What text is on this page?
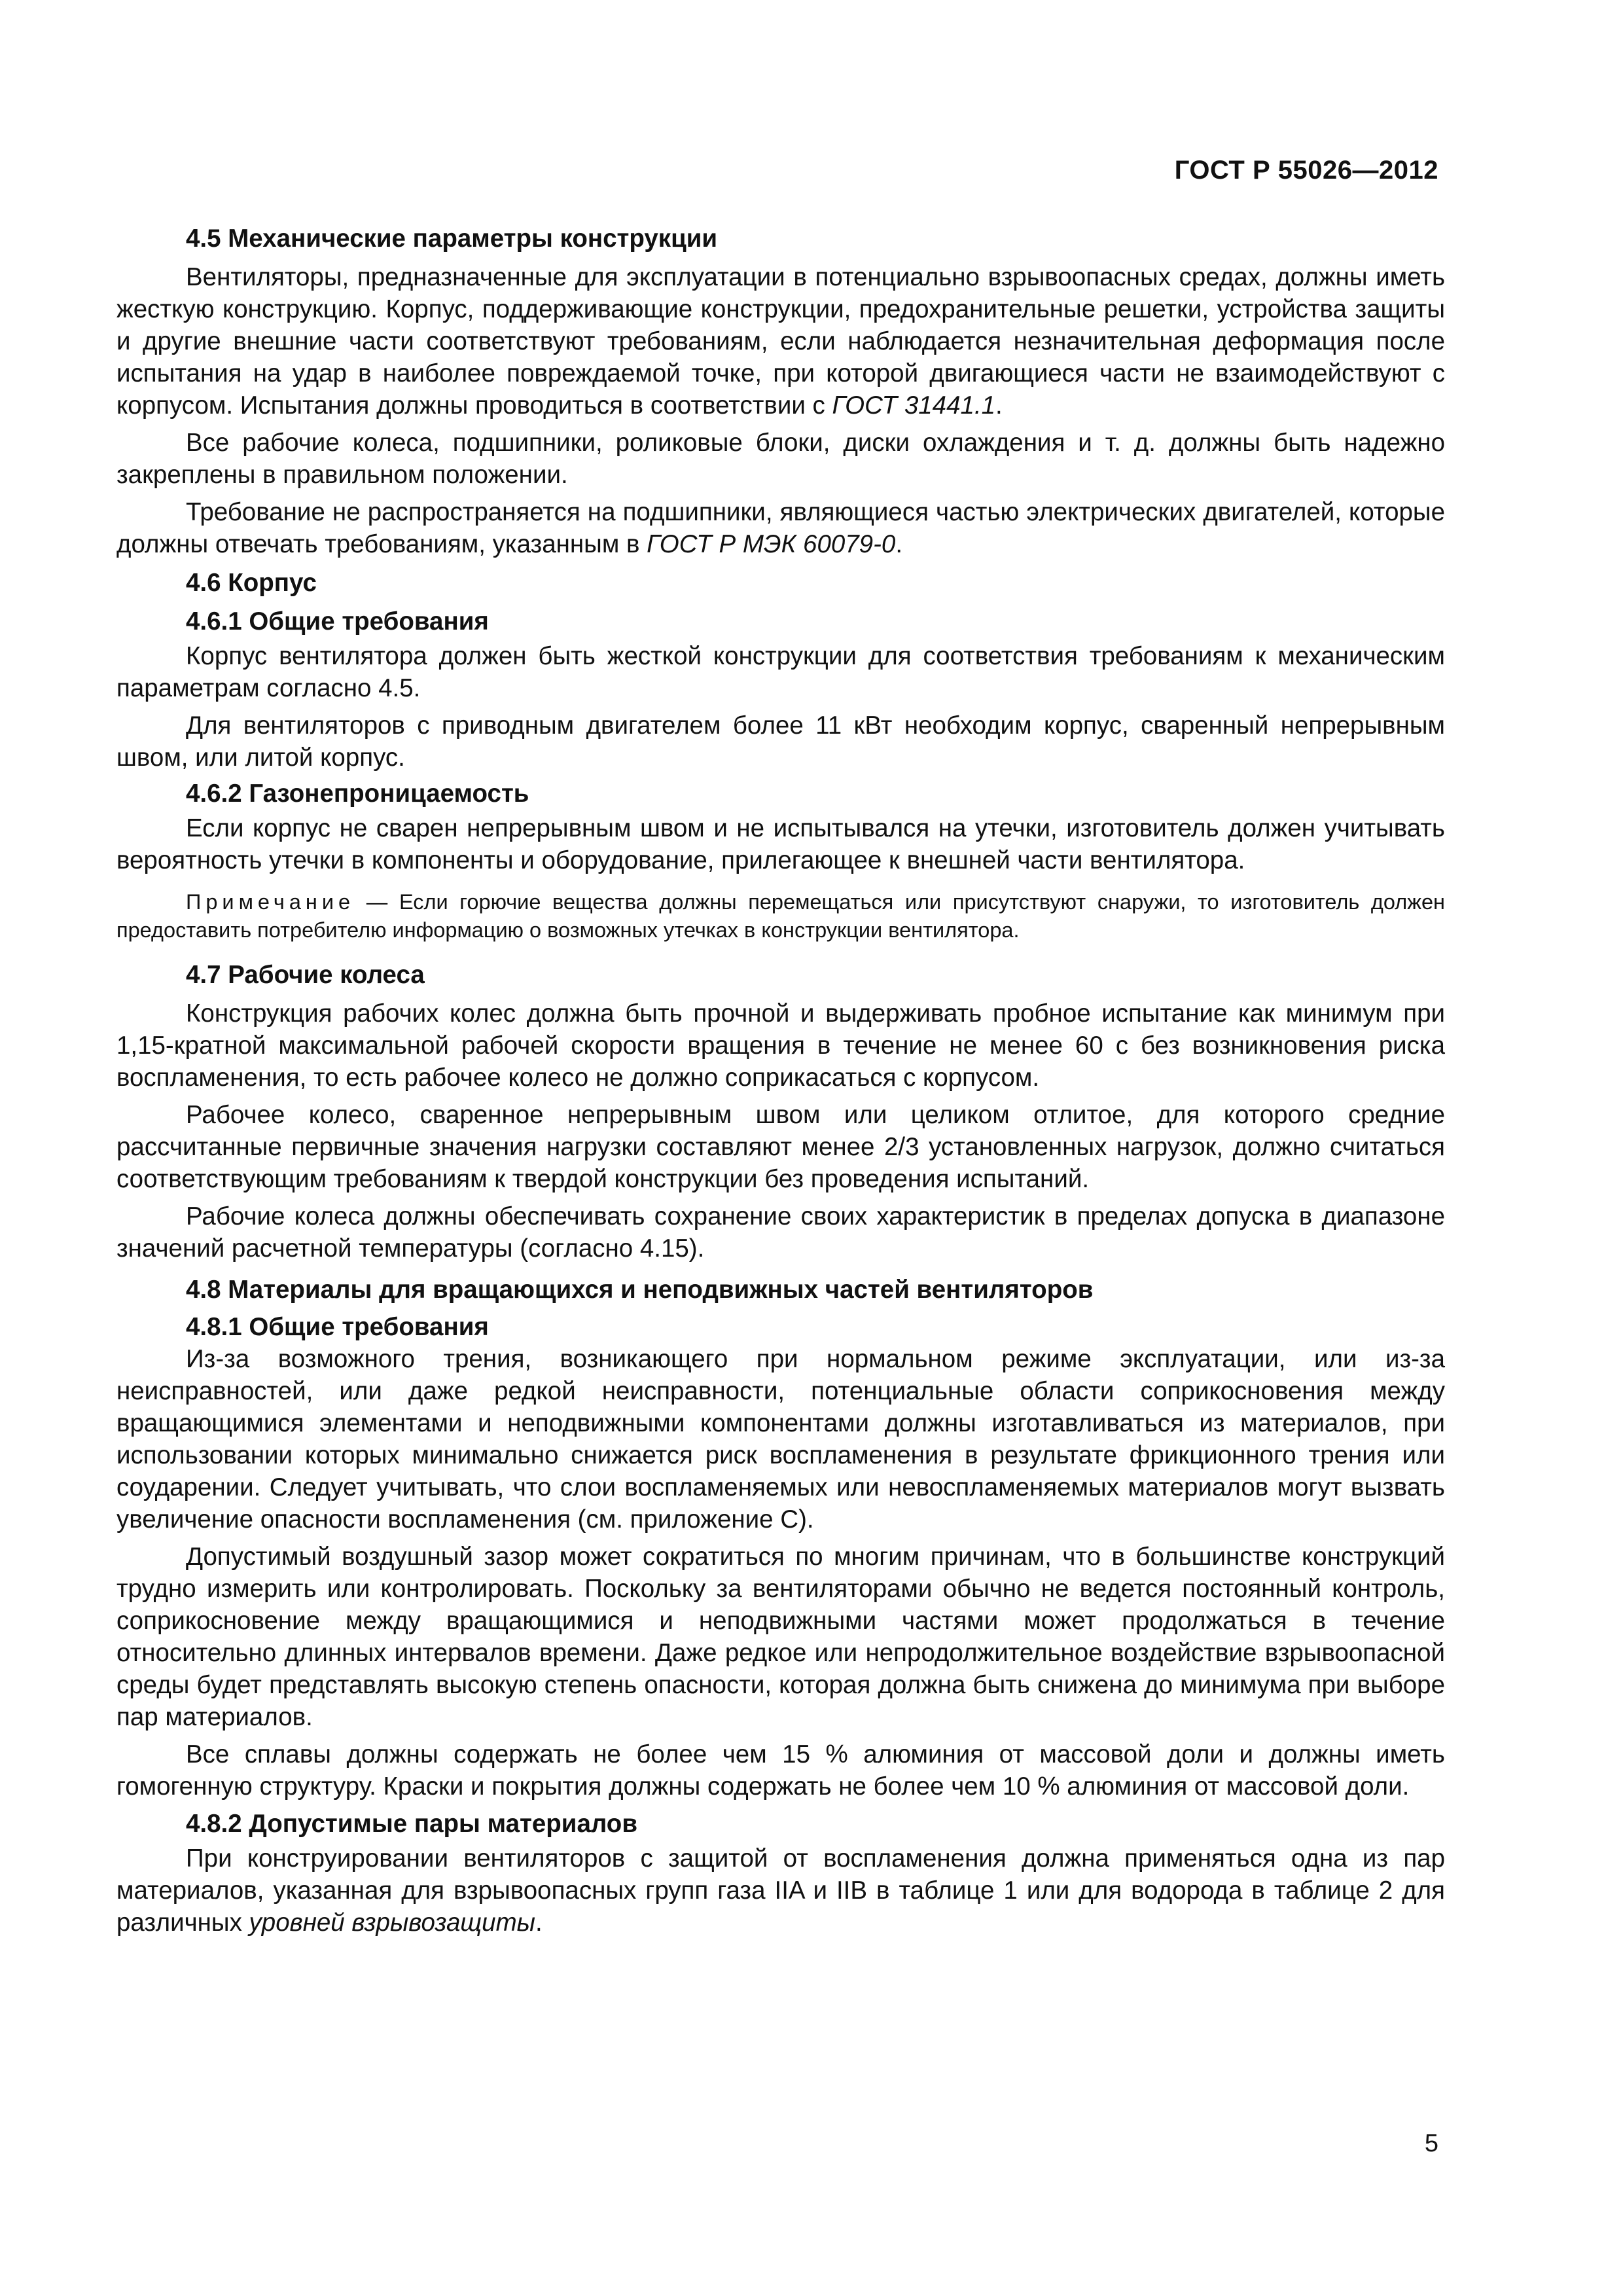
ГОСТ Р 55026—2012

4.5 Механические параметры конструкции

Вентиляторы, предназначенные для эксплуатации в потенциально взрывоопасных средах, должны иметь жесткую конструкцию. Корпус, поддерживающие конструкции, предохранительные решетки, устройства защиты и другие внешние части соответствуют требованиям, если наблюдается незначительная деформация после испытания на удар в наиболее повреждаемой точке, при которой двигающиеся части не взаимодействуют с корпусом. Испытания должны проводиться в соответствии с ГОСТ 31441.1.

Все рабочие колеса, подшипники, роликовые блоки, диски охлаждения и т. д. должны быть надежно закреплены в правильном положении.

Требование не распространяется на подшипники, являющиеся частью электрических двигателей, которые должны отвечать требованиям, указанным в ГОСТ Р МЭК 60079-0.

4.6 Корпус

4.6.1 Общие требования

Корпус вентилятора должен быть жесткой конструкции для соответствия требованиям к механическим параметрам согласно 4.5.

Для вентиляторов с приводным двигателем более 11 кВт необходим корпус, сваренный непрерывным швом, или литой корпус.

4.6.2 Газонепроницаемость

Если корпус не сварен непрерывным швом и не испытывался на утечки, изготовитель должен учитывать вероятность утечки в компоненты и оборудование, прилегающее к внешней части вентилятора.

Примечание — Если горючие вещества должны перемещаться или присутствуют снаружи, то изготовитель должен предоставить потребителю информацию о возможных утечках в конструкции вентилятора.

4.7 Рабочие колеса

Конструкция рабочих колес должна быть прочной и выдерживать пробное испытание как минимум при 1,15-кратной максимальной рабочей скорости вращения в течение не менее 60 с без возникновения риска воспламенения, то есть рабочее колесо не должно соприкасаться с корпусом.

Рабочее колесо, сваренное непрерывным швом или целиком отлитое, для которого средние рассчитанные первичные значения нагрузки составляют менее 2/3 установленных нагрузок, должно считаться соответствующим требованиям к твердой конструкции без проведения испытаний.

Рабочие колеса должны обеспечивать сохранение своих характеристик в пределах допуска в диапазоне значений расчетной температуры (согласно 4.15).

4.8 Материалы для вращающихся и неподвижных частей вентиляторов

4.8.1 Общие требования

Из-за возможного трения, возникающего при нормальном режиме эксплуатации, или из-за неисправностей, или даже редкой неисправности, потенциальные области соприкосновения между вращающимися элементами и неподвижными компонентами должны изготавливаться из материалов, при использовании которых минимально снижается риск воспламенения в результате фрикционного трения или соударении. Следует учитывать, что слои воспламеняемых или невоспламеняемых материалов могут вызвать увеличение опасности воспламенения (см. приложение С).

Допустимый воздушный зазор может сократиться по многим причинам, что в большинстве конструкций трудно измерить или контролировать. Поскольку за вентиляторами обычно не ведется постоянный контроль, соприкосновение между вращающимися и неподвижными частями может продолжаться в течение относительно длинных интервалов времени. Даже редкое или непродолжительное воздействие взрывоопасной среды будет представлять высокую степень опасности, которая должна быть снижена до минимума при выборе пар материалов.

Все сплавы должны содержать не более чем 15 % алюминия от массовой доли и должны иметь гомогенную структуру. Краски и покрытия должны содержать не более чем 10 % алюминия от массовой доли.

4.8.2 Допустимые пары материалов

При конструировании вентиляторов с защитой от воспламенения должна применяться одна из пар материалов, указанная для взрывоопасных групп газа IIA и IIB в таблице 1 или для водорода в таблице 2 для различных уровней взрывозащиты.

5
